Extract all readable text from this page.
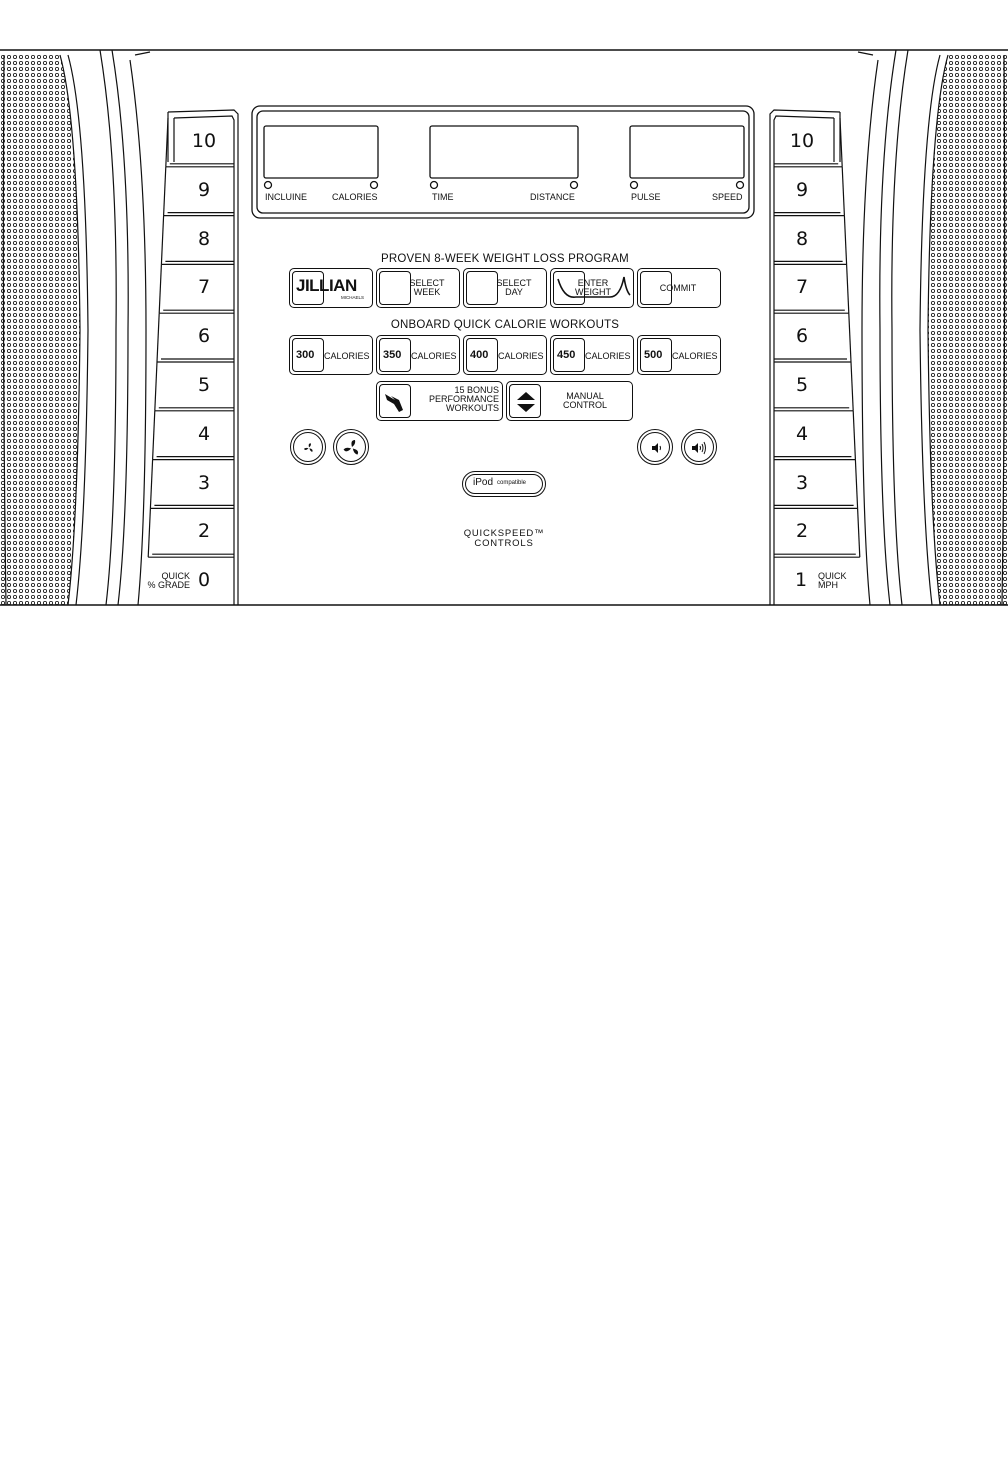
10
9
8
7
6
5
4
3
2
0
QUICK
% GRADE
10
9
8
7
6
5
4
3
2
1	QUICK
MPH
INCLUINE	CALORIES	TIME	DISTANCE	PULSE	SPEED
PROVEN 8-WEEK WEIGHT LOSS PROGRAM
JILLIAN
MICHAELS
SELECT
WEEK
SELECT
DAY
ENTER
WEIGHT	COMMIT
ONBOARD QUICK CALORIE WORKOUTS
300 CALORIES 350 CALORIES 400 CALORIES 450 CALORIES 500 CALORIES
15 BONUS
PERFORMANCE
WORKOUTS
MANUAL
CONTROL
iPod compatible
QUICKSPEED™
CONTROLS
